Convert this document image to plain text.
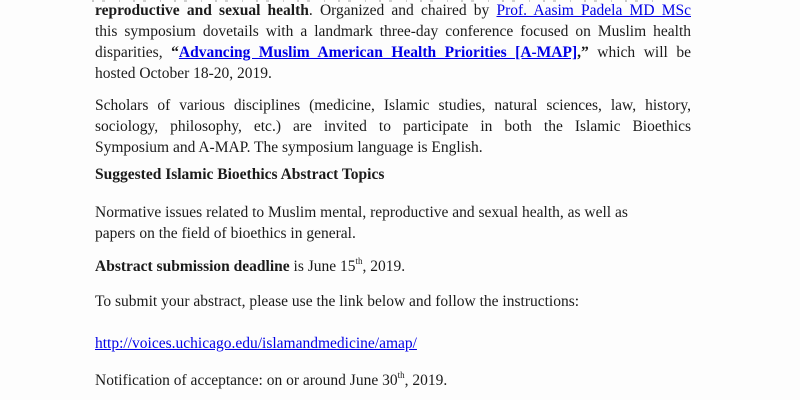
reproductive and sexual health. Organized and chaired by Prof. Aasim Padela MD MSc
this symposium dovetails with a landmark three-day conference focused on Muslim health
disparities, “Advancing Muslim American Health Priorities [A-MAP],” which will be
hosted October 18-20, 2019.
Scholars of various disciplines (medicine, Islamic studies, natural sciences, law, history,
sociology, philosophy, etc.) are invited to participate in both the Islamic Bioethics
Symposium and A-MAP. The symposium language is English.
Suggested Islamic Bioethics Abstract Topics
Normative issues related to Muslim mental, reproductive and sexual health, as well as
papers on the field of bioethics in general.
Abstract submission deadline is June 15th, 2019.
To submit your abstract, please use the link below and follow the instructions:
http://voices.uchicago.edu/islamandmedicine/amap/
Notification of acceptance: on or around June 30th, 2019.
